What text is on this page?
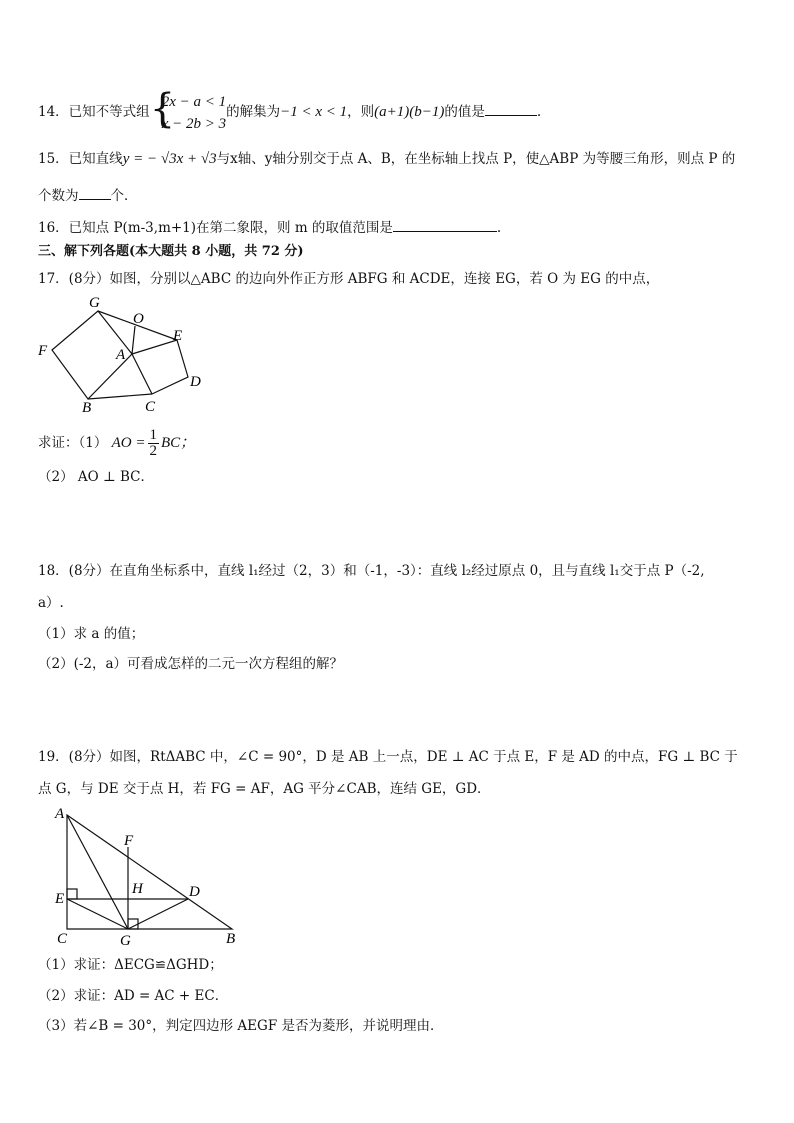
14．已知不等式组 {
2x − a < 1
x − 2b > 3
的解集为−1 < x < 1，则(a+1)(b−1)的值是	.
15．已知直线y = − √3x + √3与x轴、y轴分别交于点 A、B，在坐标轴上找点 P，使△ABP 为等腰三角形，则点 P 的
个数为 个．
16．已知点 P(m-3,m+1)在第二象限，则 m 的取值范围是	.
三、解下列各题(本大题共 8 小题，共 72 分)
17．(8分）如图，分别以△ABC 的边向外作正方形 ABFG 和 ACDE，连接 EG，若 O 为 EG 的中点，
G
O
E
F	A
D
B	C
求证：（1） AO = $\frac{1}{2}$ BC；
（2） AO ⊥ BC．
18．(8分）在直角坐标系中，直线 l₁经过（2，3）和（-1，-3）：直线 l₂经过原点 0，且与直线 l₁交于点 P（-2,
a）.
（1）求 a 的值；
（2）(-2，a）可看成怎样的二元一次方程组的解？
19．(8分）如图，RtΔABC 中，∠C = 90°，D 是 AB 上一点，DE ⊥ AC 于点 E，F 是 AD 的中点，FG ⊥ BC 于
点 G，与 DE 交于点 H，若 FG = AF，AG 平分∠CAB，连结 GE，GD．
A
F
H	D
E
C	G	B
（1）求证：ΔECG≌ΔGHD；
（2）求证：AD = AC + EC．
（3）若∠B = 30°，判定四边形 AEGF 是否为菱形，并说明理由．
